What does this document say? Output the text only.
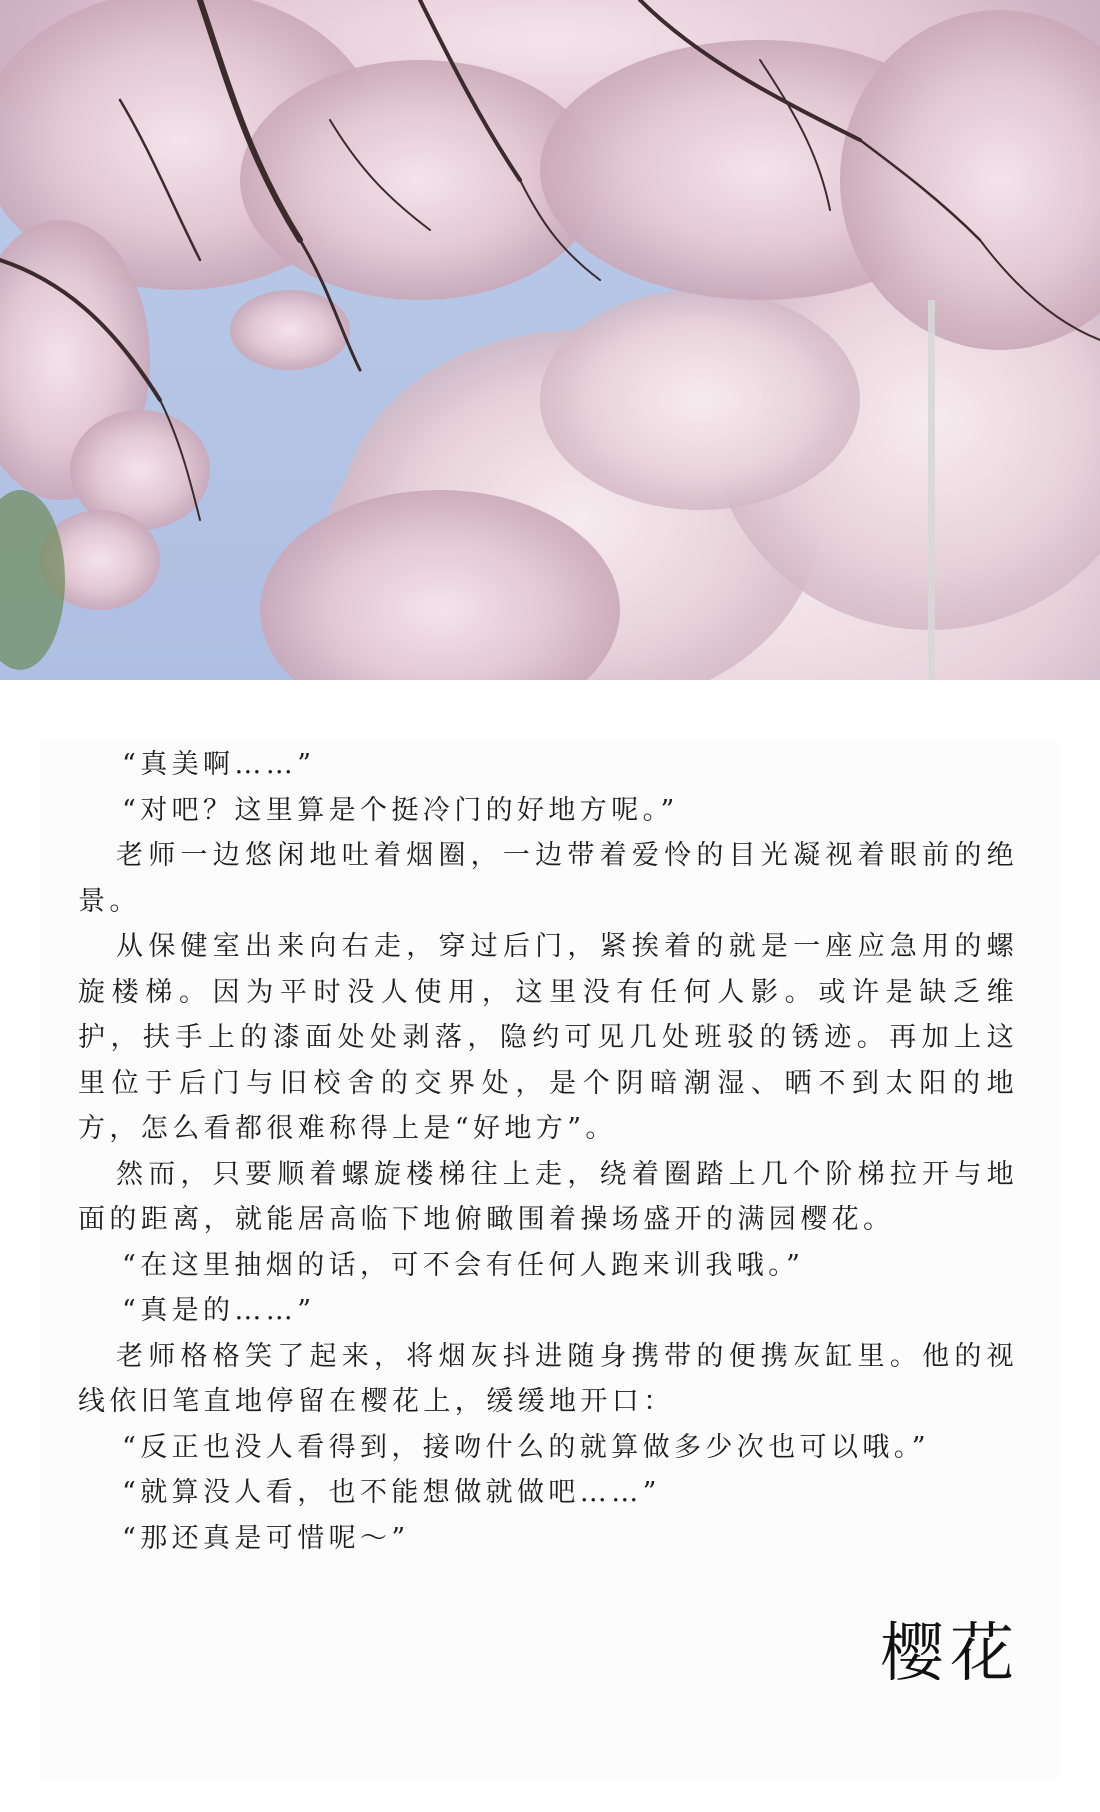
“真美啊……”

“对吧？这里算是个挺冷门的好地方呢。”

老师一边悠闲地吐着烟圈，一边带着爱怜的目光凝视着眼前的绝景。

从保健室出来向右走，穿过后门，紧挨着的就是一座应急用的螺旋楼梯。因为平时没人使用，这里没有任何人影。或许是缺乏维护，扶手上的漆面处处剥落，隐约可见几处班驳的锈迹。再加上这里位于后门与旧校舍的交界处，是个阴暗潮湿、晒不到太阳的地方，怎么看都很难称得上是“好地方”。

然而，只要顺着螺旋楼梯往上走，绕着圈踏上几个阶梯拉开与地面的距离，就能居高临下地俯瞰围着操场盛开的满园樱花。

“在这里抽烟的话，可不会有任何人跑来训我哦。”

“真是的……”

老师格格笑了起来，将烟灰抖进随身携带的便携灰缸里。他的视线依旧笔直地停留在樱花上，缓缓地开口：

“反正也没人看得到，接吻什么的就算做多少次也可以哦。”

“就算没人看，也不能想做就做吧……”

“那还真是可惜呢～”

樱花
